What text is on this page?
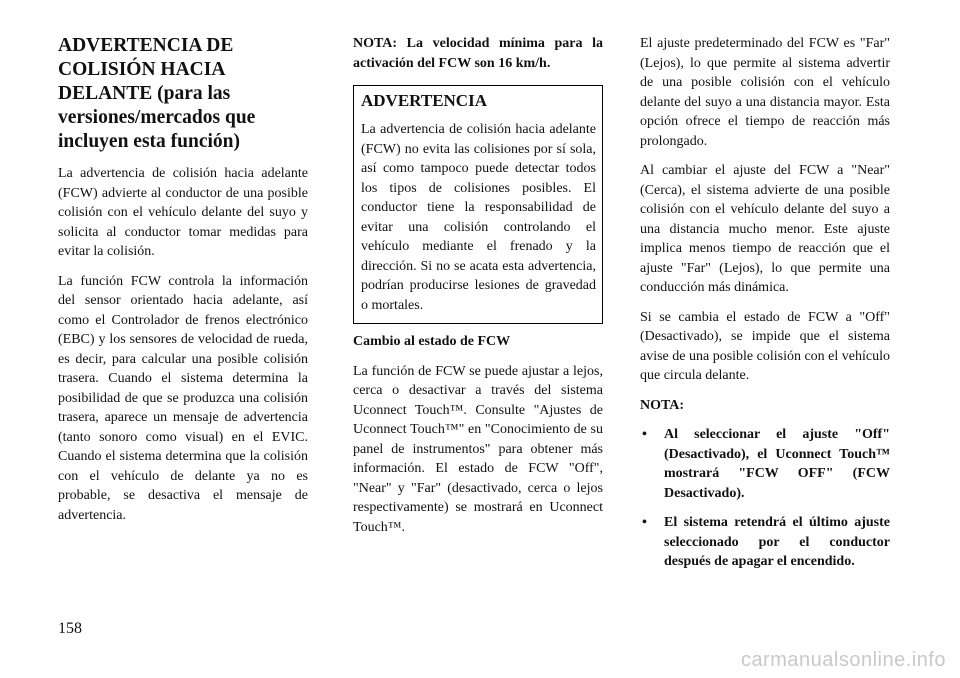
ADVERTENCIA DE COLISIÓN HACIA DELANTE (para las versiones/mercados que incluyen esta función)

La advertencia de colisión hacia adelante (FCW) advierte al conductor de una posible colisión con el vehículo delante del suyo y solicita al conductor tomar medidas para evitar la colisión.

La función FCW controla la información del sensor orientado hacia adelante, así como el Controlador de frenos electrónico (EBC) y los sensores de velocidad de rueda, es decir, para calcular una posible colisión trasera. Cuando el sistema determina la posibilidad de que se produzca una colisión trasera, aparece un mensaje de advertencia (tanto sonoro como visual) en el EVIC. Cuando el sistema determina que la colisión con el vehículo de delante ya no es probable, se desactiva el mensaje de advertencia.

NOTA: La velocidad mínima para la activación del FCW son 16 km/h.

ADVERTENCIA

La advertencia de colisión hacia adelante (FCW) no evita las colisiones por sí sola, así como tampoco puede detectar todos los tipos de colisiones posibles. El conductor tiene la responsabilidad de evitar una colisión controlando el vehículo mediante el frenado y la dirección. Si no se acata esta advertencia, podrían producirse lesiones de gravedad o mortales.

Cambio al estado de FCW

La función de FCW se puede ajustar a lejos, cerca o desactivar a través del sistema Uconnect Touch™. Consulte "Ajustes de Uconnect Touch™" en "Conocimiento de su panel de instrumentos" para obtener más información. El estado de FCW "Off", "Near" y "Far" (desactivado, cerca o lejos respectivamente) se mostrará en Uconnect Touch™.

El ajuste predeterminado del FCW es "Far" (Lejos), lo que permite al sistema advertir de una posible colisión con el vehículo delante del suyo a una distancia mayor. Esta opción ofrece el tiempo de reacción más prolongado.

Al cambiar el ajuste del FCW a "Near" (Cerca), el sistema advierte de una posible colisión con el vehículo delante del suyo a una distancia mucho menor. Este ajuste implica menos tiempo de reacción que el ajuste "Far" (Lejos), lo que permite una conducción más dinámica.

Si se cambia el estado de FCW a "Off" (Desactivado), se impide que el sistema avise de una posible colisión con el vehículo que circula delante.

NOTA:

• Al seleccionar el ajuste "Off" (Desactivado), el Uconnect Touch™ mostrará "FCW OFF" (FCW Desactivado).
• El sistema retendrá el último ajuste seleccionado por el conductor después de apagar el encendido.
158
carmanualsonline.info
